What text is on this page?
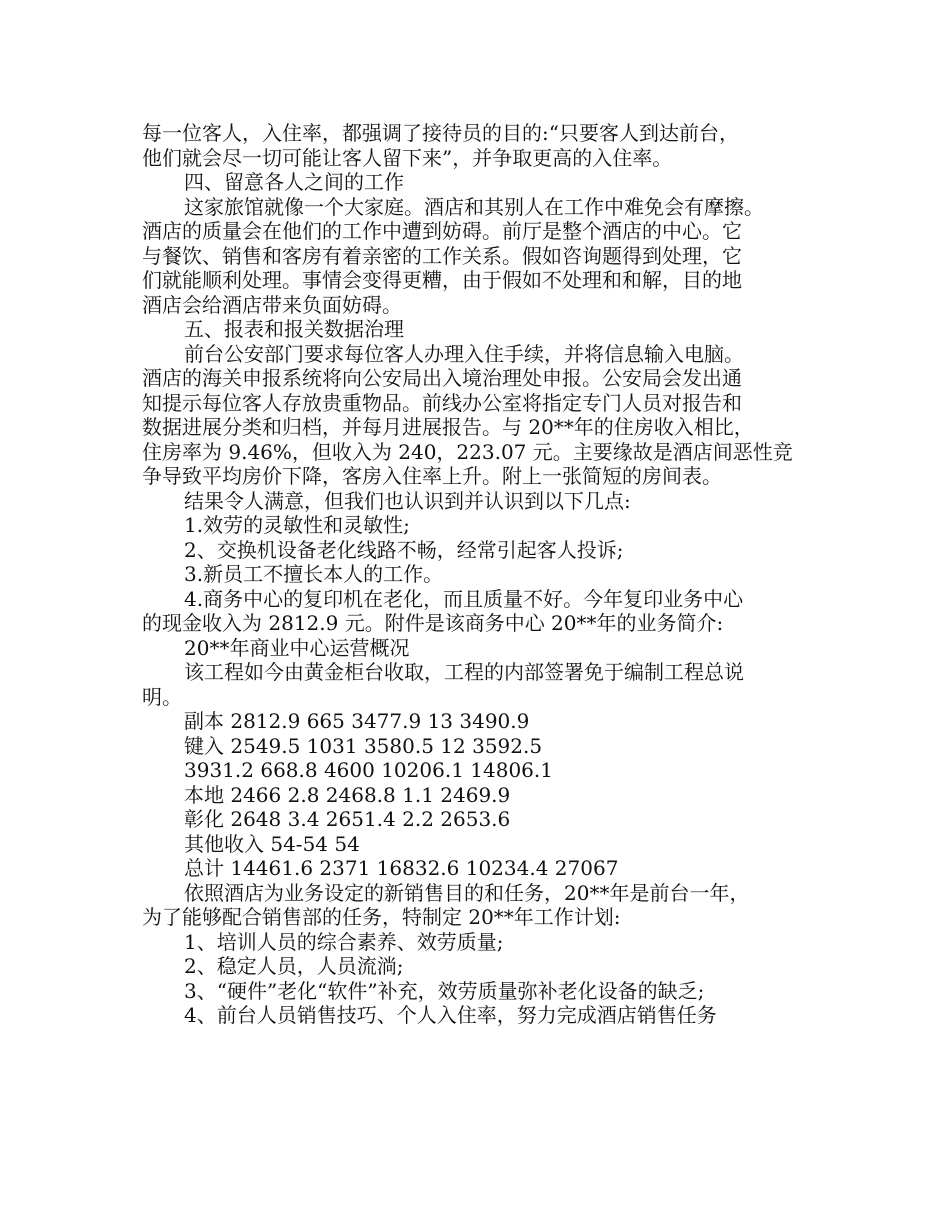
每一位客人，入住率，都强调了接待员的目的:“只要客人到达前台，

他们就会尽一切可能让客人留下来”，并争取更高的入住率。

四、留意各人之间的工作

这家旅馆就像一个大家庭。酒店和其别人在工作中难免会有摩擦。

酒店的质量会在他们的工作中遭到妨碍。前厅是整个酒店的中心。它

与餐饮、销售和客房有着亲密的工作关系。假如咨询题得到处理，它

们就能顺利处理。事情会变得更糟，由于假如不处理和和解，目的地

酒店会给酒店带来负面妨碍。

五、报表和报关数据治理

前台公安部门要求每位客人办理入住手续，并将信息输入电脑。

酒店的海关申报系统将向公安局出入境治理处申报。公安局会发出通

知提示每位客人存放贵重物品。前线办公室将指定专门人员对报告和

数据进展分类和归档，并每月进展报告。与 20**年的住房收入相比，

住房率为 9.46%，但收入为 240，223.07 元。主要缘故是酒店间恶性竞

争导致平均房价下降，客房入住率上升。附上一张简短的房间表。

结果令人满意，但我们也认识到并认识到以下几点:

1.效劳的灵敏性和灵敏性;

2、交换机设备老化线路不畅，经常引起客人投诉;

3.新员工不擅长本人的工作。

4.商务中心的复印机在老化，而且质量不好。今年复印业务中心

的现金收入为 2812.9 元。附件是该商务中心 20**年的业务简介:

20**年商业中心运营概况

该工程如今由黄金柜台收取，工程的内部签署免于编制工程总说

明。

副本 2812.9 665 3477.9 13 3490.9

键入 2549.5 1031 3580.5 12 3592.5

3931.2 668.8 4600 10206.1 14806.1

本地 2466 2.8 2468.8 1.1 2469.9

彰化 2648 3.4 2651.4 2.2 2653.6

其他收入 54-54 54

总计 14461.6 2371 16832.6 10234.4 27067

依照酒店为业务设定的新销售目的和任务，20**年是前台一年，

为了能够配合销售部的任务，特制定 20**年工作计划:

1、培训人员的综合素养、效劳质量;

2、稳定人员，人员流淌;

3、“硬件”老化“软件”补充，效劳质量弥补老化设备的缺乏;

4、前台人员销售技巧、个人入住率，努力完成酒店销售任务
